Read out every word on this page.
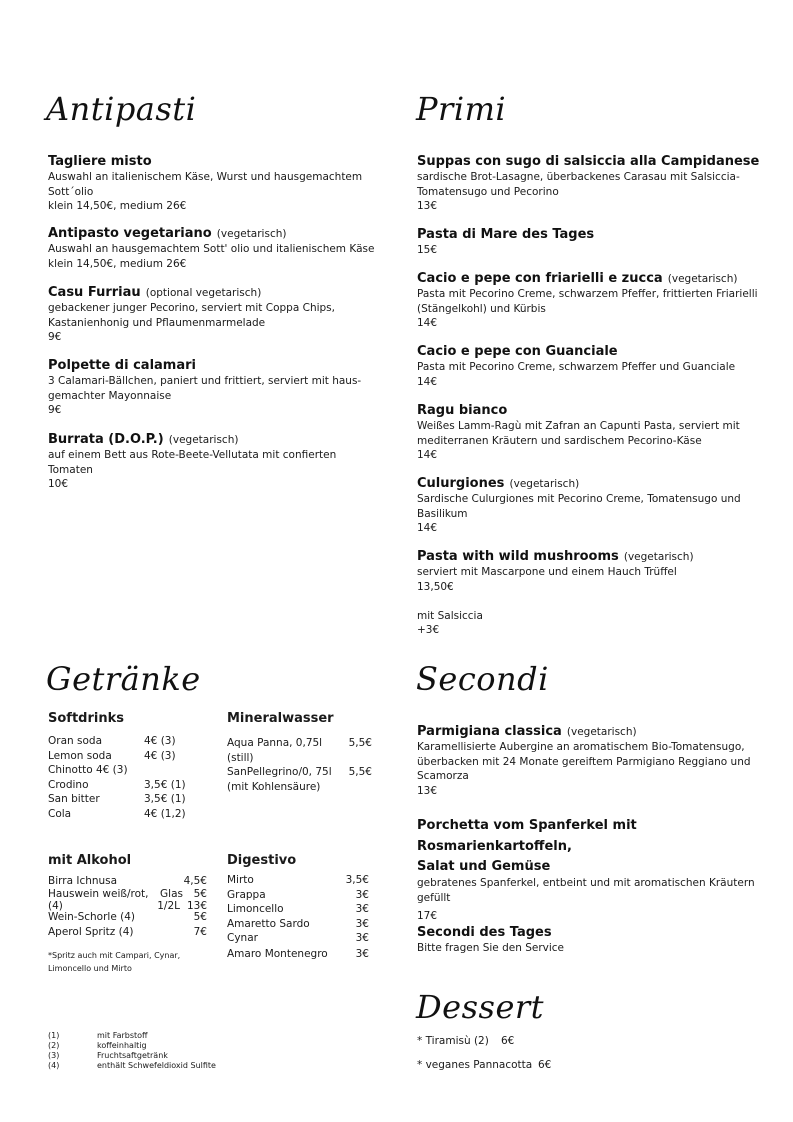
Antipasti
Tagliere misto
Auswahl an italienischem Käse, Wurst und hausgemachtem
Sott´olio
klein 14,50€, medium 26€
Antipasto vegetariano (vegetarisch)
Auswahl an hausgemachtem Sott' olio und italienischem Käse
klein 14,50€, medium 26€
Casu Furriau (optional vegetarisch)
gebackener junger Pecorino, serviert mit Coppa Chips,
Kastanienhonig und Pflaumenmarmelade
9€
Polpette di calamari
3 Calamari-Bällchen, paniert und frittiert, serviert mit haus-
gemachter Mayonnaise
9€
Burrata (D.O.P.) (vegetarisch)
auf einem Bett aus Rote-Beete-Vellutata mit confierten
Tomaten
10€
Primi
Suppas con sugo di salsiccia alla Campidanese
sardische Brot-Lasagne, überbackenes Carasau mit Salsiccia-
Tomatensugo und Pecorino
13€
Pasta di Mare des Tages
15€
Cacio e pepe con friarielli e zucca (vegetarisch)
Pasta mit Pecorino Creme, schwarzem Pfeffer, frittierten Friarielli
(Stängelkohl) und Kürbis
14€
Cacio e pepe con Guanciale
Pasta mit Pecorino Creme, schwarzem Pfeffer und Guanciale
14€
Ragu bianco
Weißes Lamm-Ragù mit Zafran an Capunti Pasta, serviert mit
mediterranen Kräutern und sardischem Pecorino-Käse
14€
Culurgiones (vegetarisch)
Sardische Culurgiones mit Pecorino Creme, Tomatensugo und
Basilikum
14€
Pasta with wild mushrooms (vegetarisch)
serviert mit Mascarpone und einem Hauch Trüffel
13,50€
mit Salsiccia
+3€
Getränke
Softdrinks
Oran soda	4€ (3)
Lemon soda	4€ (3)
Chinotto 4€ (3)
Crodino	3,5€ (1)
San bitter	3,5€ (1)
Cola	4€ (1,2)
Mineralwasser
Aqua Panna, 0,75l	5,5€
(still)
SanPellegrino/0, 75l 5,5€
(mit Kohlensäure)
mit Alkohol
Birra Ichnusa	4,5€
Hauswein weiß/rot, Glas 5€
(4)	1/2L 13€
Wein-Schorle (4)	5€
Aperol Spritz (4)	7€
*Spritz auch mit Campari, Cynar,
Limoncello und Mirto
Digestivo
Mirto	3,5€
Grappa	3€
Limoncello	3€
Amaretto Sardo	3€
Cynar	3€
Amaro Montenegro	3€
(1)	mit Farbstoff
(2)	koffeinhaltig
(3)	Fruchtsaftgetränk
(4)	enthält Schwefeldioxid Sulfite
Secondi
Parmigiana classica (vegetarisch)
Karamellisierte Aubergine an aromatischem Bio-Tomatensugo,
überbacken mit 24 Monate gereiftem Parmigiano Reggiano und
Scamorza
13€
Porchetta vom Spanferkel mit Rosmarienkartoffeln,
Salat und Gemüse
gebratenes Spanferkel, entbeint und mit aromatischen Kräutern
gefüllt
17€
Secondi des Tages
Bitte fragen Sie den Service
Dessert
* Tiramisù (2) 6€
* veganes Pannacotta 6€
